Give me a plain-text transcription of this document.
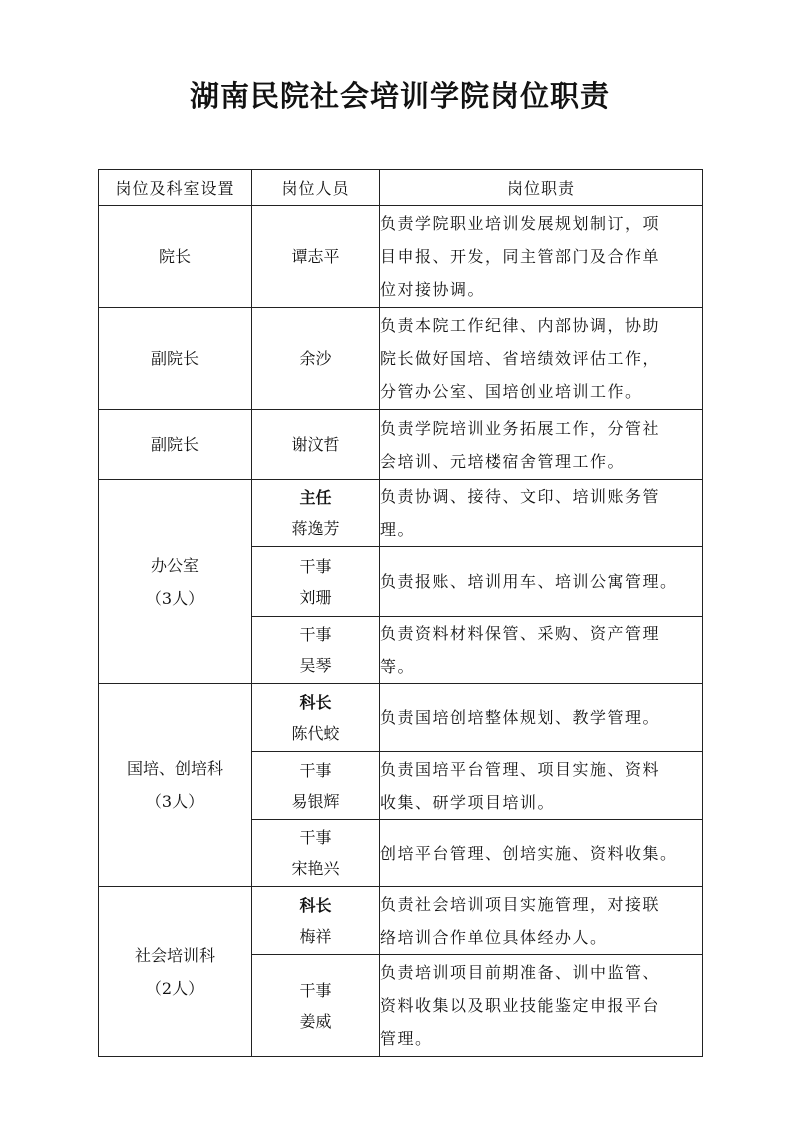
湖南民院社会培训学院岗位职责
岗位及科室设置	岗位人员	岗位职责
院长	谭志平	负责学院职业培训发展规划制订，项
目申报、开发，同主管部门及合作单
位对接协调。

副院长	余沙	负责本院工作纪律、内部协调，协助
院长做好国培、省培绩效评估工作，
分管办公室、国培创业培训工作。

副院长	谢汶哲	负责学院培训业务拓展工作，分管社
会培训、元培楼宿舍管理工作。

办公室
（3人）	主任
蒋逸芳	负责协调、接待、文印、培训账务管
理。

	干事
刘珊	负责报账、培训用车、培训公寓管理。

	干事
吴琴	负责资料材料保管、采购、资产管理
等。

国培、创培科
（3人）	科长
陈代蛟	负责国培创培整体规划、教学管理。

	干事
易银辉	负责国培平台管理、项目实施、资料
收集、研学项目培训。

	干事
宋艳兴	创培平台管理、创培实施、资料收集。

社会培训科
（2人）	科长
梅祥	负责社会培训项目实施管理，对接联
络培训合作单位具体经办人。

	干事
姜威	负责培训项目前期准备、训中监管、
资料收集以及职业技能鉴定申报平台
管理。
